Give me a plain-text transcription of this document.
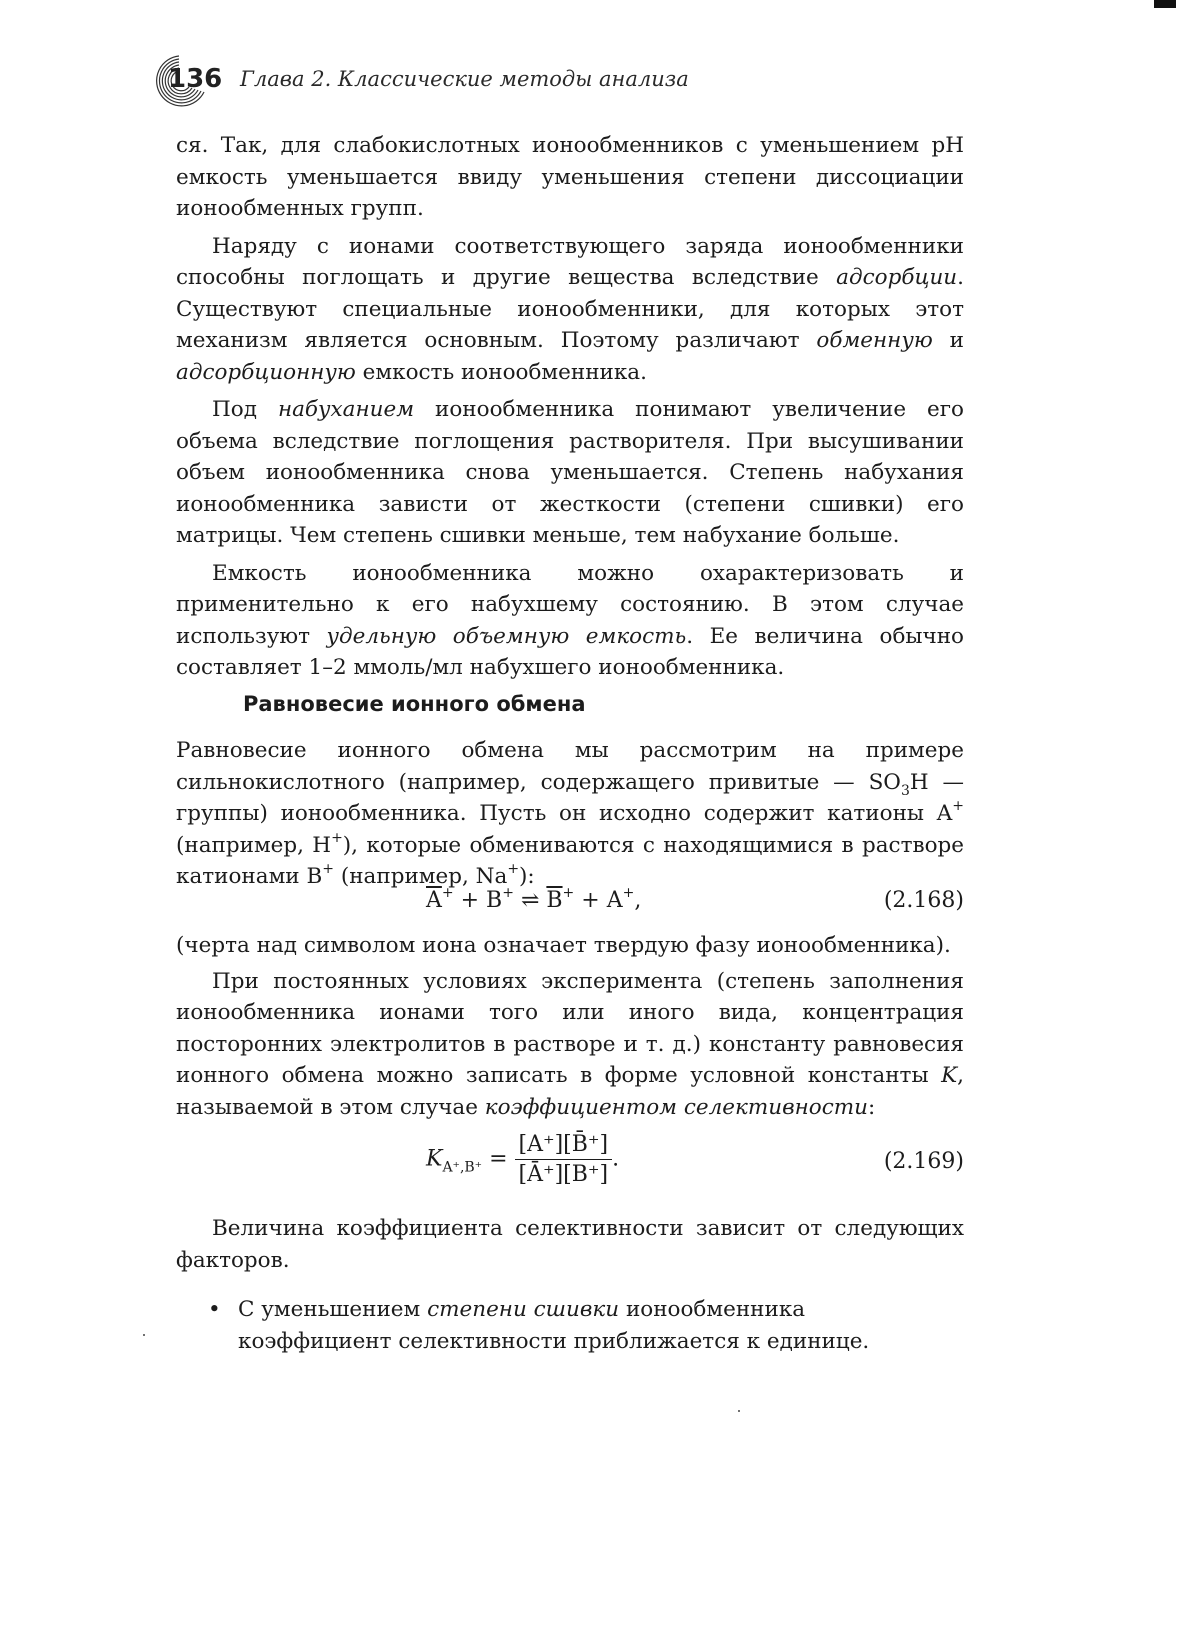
136 Глава 2. Классические методы анализа

ся. Так, для слабокислотных ионообменников с уменьшением pH емкость уменьшается ввиду уменьшения степени диссоциации ионообменных групп.

Наряду с ионами соответствующего заряда ионообменники способны поглощать и другие вещества вследствие адсорбции. Существуют специальные ионообменники, для которых этот механизм является основным. Поэтому различают обменную и адсорбционную емкость ионообменника.

Под набуханием ионообменника понимают увеличение его объема вследствие поглощения растворителя. При высушивании объем ионообменника снова уменьшается. Степень набухания ионообменника зависти от жесткости (степени сшивки) его матрицы. Чем степень сшивки меньше, тем набухание больше.

Емкость ионообменника можно охарактеризовать и применительно к его набухшему состоянию. В этом случае используют удельную объемную емкость. Ее величина обычно составляет 1–2 ммоль/мл набухшего ионообменника.

Равновесие ионного обмена

Равновесие ионного обмена мы рассмотрим на примере сильнокислотного (например, содержащего привитые — $SO_3H$ — группы) ионообменника. Пусть он исходно содержит катионы A+ (например, H+), которые обмениваются с находящимися в растворе катионами B+ (например, Na+):

$\overline{A}^+ + B^+$ ⇌ $\overline{B}^+ + A^+$,	(2.168)

(черта над символом иона означает твердую фазу ионообменника).

При постоянных условиях эксперимента (степень заполнения ионообменника ионами того или иного вида, концентрация посторонних электролитов в растворе и т. д.) константу равновесия ионного обмена можно записать в форме условной константы K, называемой в этом случае коэффициентом селективности:

$K_{A^+,B^+} = \frac{[A^+][B̄^+]}{[Ā^+][B^+]}$ .	(2.169)

Величина коэффициента селективности зависит от следующих факторов.

• С уменьшением степени сшивки ионообменника коэффициент селективности приближается к единице.
